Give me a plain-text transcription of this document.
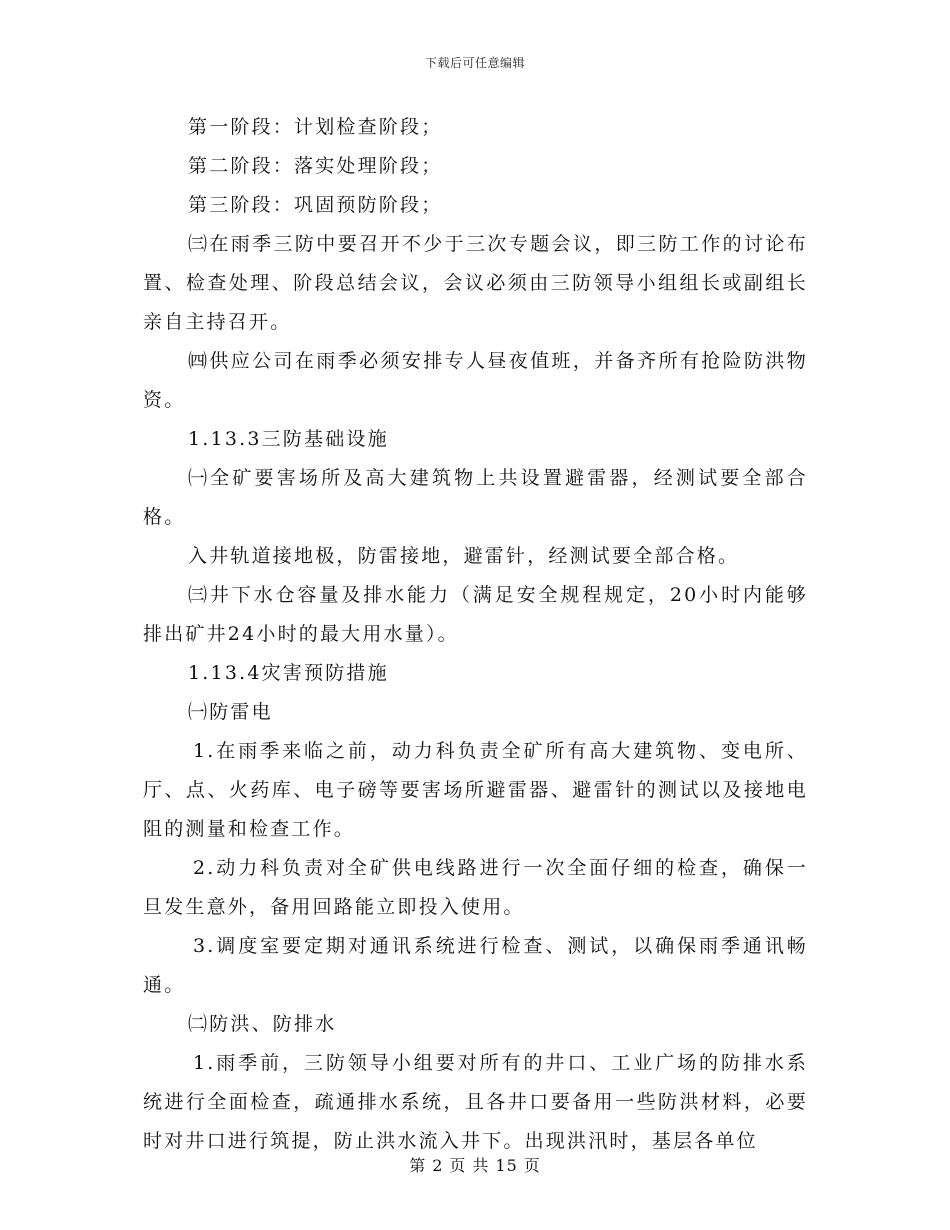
下载后可任意编辑

第一阶段：计划检查阶段；

第二阶段：落实处理阶段；

第三阶段：巩固预防阶段；

㈢在雨季三防中要召开不少于三次专题会议，即三防工作的讨论布置、检查处理、阶段总结会议，会议必须由三防领导小组组长或副组长亲自主持召开。

㈣供应公司在雨季必须安排专人昼夜值班，并备齐所有抢险防洪物资。

1.13.3三防基础设施

㈠全矿要害场所及高大建筑物上共设置避雷器，经测试要全部合格。

入井轨道接地极，防雷接地，避雷针，经测试要全部合格。

㈢井下水仓容量及排水能力（满足安全规程规定，20小时内能够排出矿井24小时的最大用水量）。

1.13.4灾害预防措施

㈠防雷电

1.在雨季来临之前，动力科负责全矿所有高大建筑物、变电所、厅、点、火药库、电子磅等要害场所避雷器、避雷针的测试以及接地电阻的测量和检查工作。

2.动力科负责对全矿供电线路进行一次全面仔细的检查，确保一旦发生意外，备用回路能立即投入使用。

3.调度室要定期对通讯系统进行检查、测试，以确保雨季通讯畅通。

㈡防洪、防排水

1.雨季前，三防领导小组要对所有的井口、工业广场的防排水系统进行全面检查，疏通排水系统，且各井口要备用一些防洪材料，必要时对井口进行筑提，防止洪水流入井下。出现洪汛时，基层各单位

第 2 页 共 15 页
